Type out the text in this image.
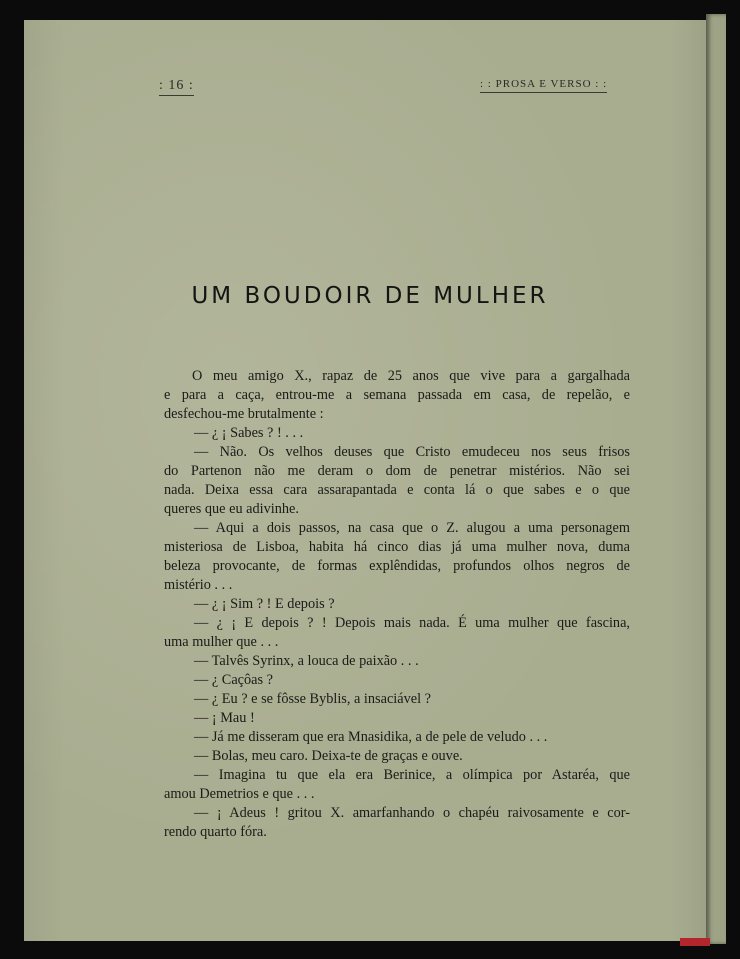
: 16 :	: : PROSA E VERSO : :
UM BOUDOIR DE MULHER
O meu amigo X., rapaz de 25 anos que vive para a gargalhada
e para a caça, entrou-me a semana passada em casa, de repelão, e
desfechou-me brutalmente :
— ¿ ¡ Sabes ? ! . . .
— Não. Os velhos deuses que Cristo emudeceu nos seus frisos
do Partenon não me deram o dom de penetrar mistérios. Não sei
nada. Deixa essa cara assarapantada e conta lá o que sabes e o que
queres que eu adivinhe.
— Aqui a dois passos, na casa que o Z. alugou a uma personagem
misteriosa de Lisboa, habita há cinco dias já uma mulher nova, duma
beleza provocante, de formas explêndidas, profundos olhos negros de
mistério . . .
— ¿ ¡ Sim ? ! E depois ?
— ¿ ¡ E depois ? ! Depois mais nada. É uma mulher que fascina,
uma mulher que . . .
— Talvês Syrinx, a louca de paixão . . .
— ¿ Caçôas ?
— ¿ Eu ? e se fôsse Byblis, a insaciável ?
— ¡ Mau !
— Já me disseram que era Mnasidika, a de pele de veludo . . .
— Bolas, meu caro. Deixa-te de graças e ouve.
— Imagina tu que ela era Berinice, a olímpica por Astaréa, que
amou Demetrios e que . . .
— ¡ Adeus ! gritou X. amarfanhando o chapéu raivosamente e cor-
rendo quarto fóra.
